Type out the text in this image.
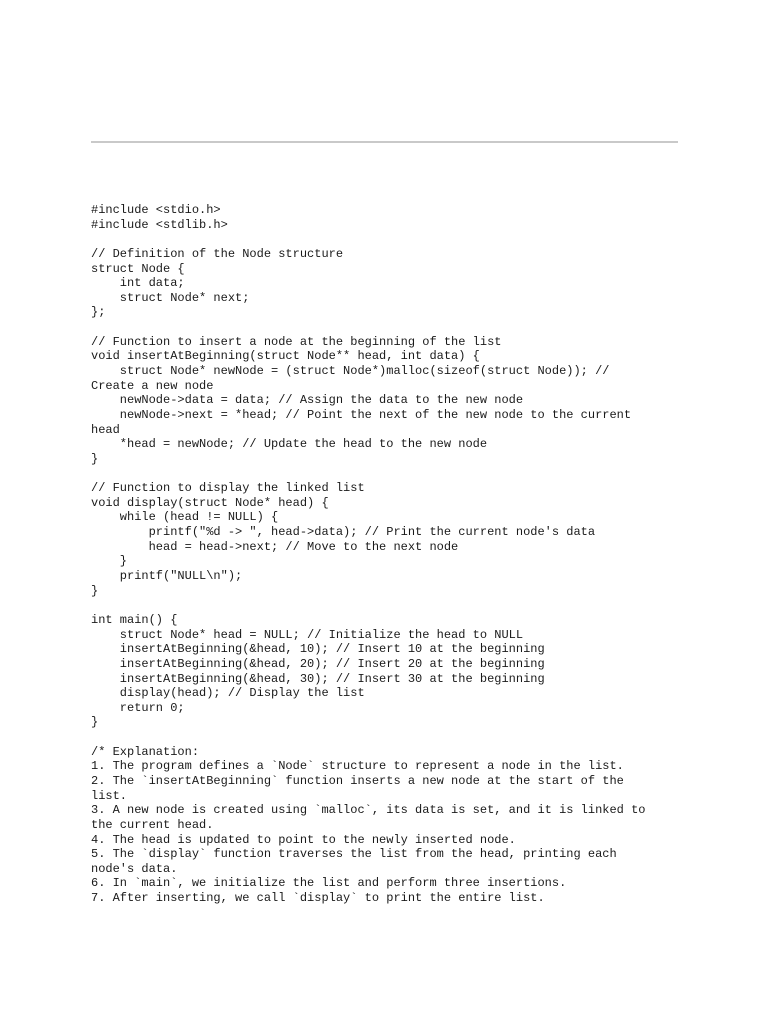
#include <stdio.h>
#include <stdlib.h>
// Definition of the Node structure
struct Node {
int data;
struct Node* next;
};
// Function to insert a node at the beginning of the list
void insertAtBeginning(struct Node** head, int data) {
struct Node* newNode = (struct Node*)malloc(sizeof(struct Node)); //
Create a new node
newNode->data = data; // Assign the data to the new node
newNode->next = *head; // Point the next of the new node to the current
head
*head = newNode; // Update the head to the new node
}
// Function to display the linked list
void display(struct Node* head) {
while (head != NULL) {
printf("%d -> ", head->data); // Print the current node's data
head = head->next; // Move to the next node
}
printf("NULL\n");
}
int main() {
struct Node* head = NULL; // Initialize the head to NULL
insertAtBeginning(&head, 10); // Insert 10 at the beginning
insertAtBeginning(&head, 20); // Insert 20 at the beginning
insertAtBeginning(&head, 30); // Insert 30 at the beginning
display(head); // Display the list
return 0;
}
/* Explanation:
1. The program defines a `Node` structure to represent a node in the list.
2. The `insertAtBeginning` function inserts a new node at the start of the
list.
3. A new node is created using `malloc`, its data is set, and it is linked to
the current head.
4. The head is updated to point to the newly inserted node.
5. The `display` function traverses the list from the head, printing each
node's data.
6. In `main`, we initialize the list and perform three insertions.
7. After inserting, we call `display` to print the entire list.
